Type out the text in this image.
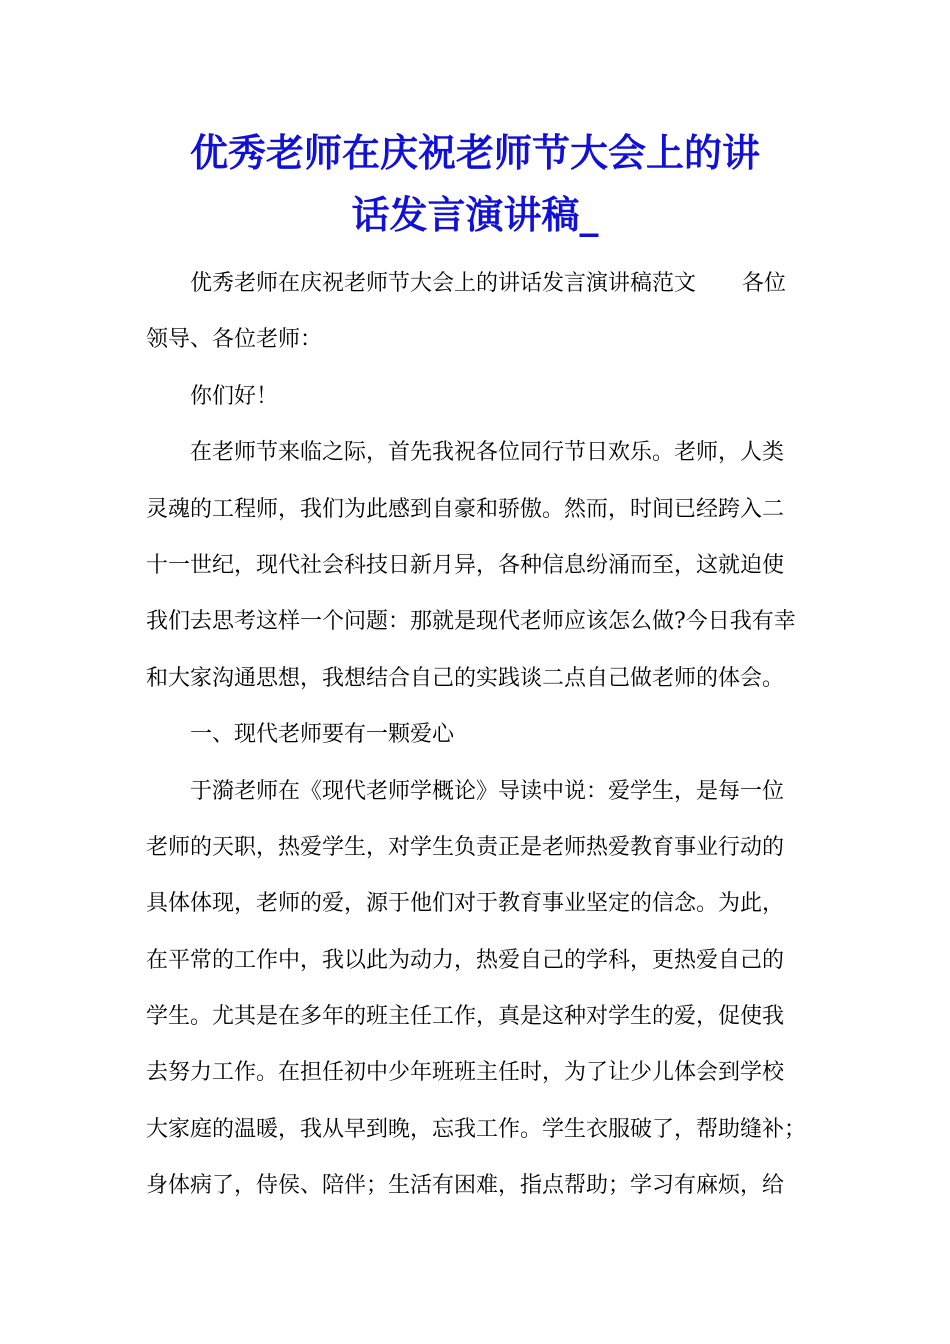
优秀老师在庆祝老师节大会上的讲
话发言演讲稿_
优秀老师在庆祝老师节大会上的讲话发言演讲稿范文 各位
领导、各位老师：
你们好！
在老师节来临之际，首先我祝各位同行节日欢乐。老师，人类
灵魂的工程师，我们为此感到自豪和骄傲。然而，时间已经跨入二
十一世纪，现代社会科技日新月异，各种信息纷涌而至，这就迫使
我们去思考这样一个问题：那就是现代老师应该怎么做?今日我有幸
和大家沟通思想，我想结合自己的实践谈二点自己做老师的体会。
一、现代老师要有一颗爱心
于漪老师在《现代老师学概论》导读中说：爱学生，是每一位
老师的天职，热爱学生，对学生负责正是老师热爱教育事业行动的
具体体现，老师的爱，源于他们对于教育事业坚定的信念。为此，
在平常的工作中，我以此为动力，热爱自己的学科，更热爱自己的
学生。尤其是在多年的班主任工作，真是这种对学生的爱，促使我
去努力工作。在担任初中少年班班主任时，为了让少儿体会到学校
大家庭的温暖，我从早到晚，忘我工作。学生衣服破了，帮助缝补；
身体病了，侍侯、陪伴；生活有困难，指点帮助；学习有麻烦，给
